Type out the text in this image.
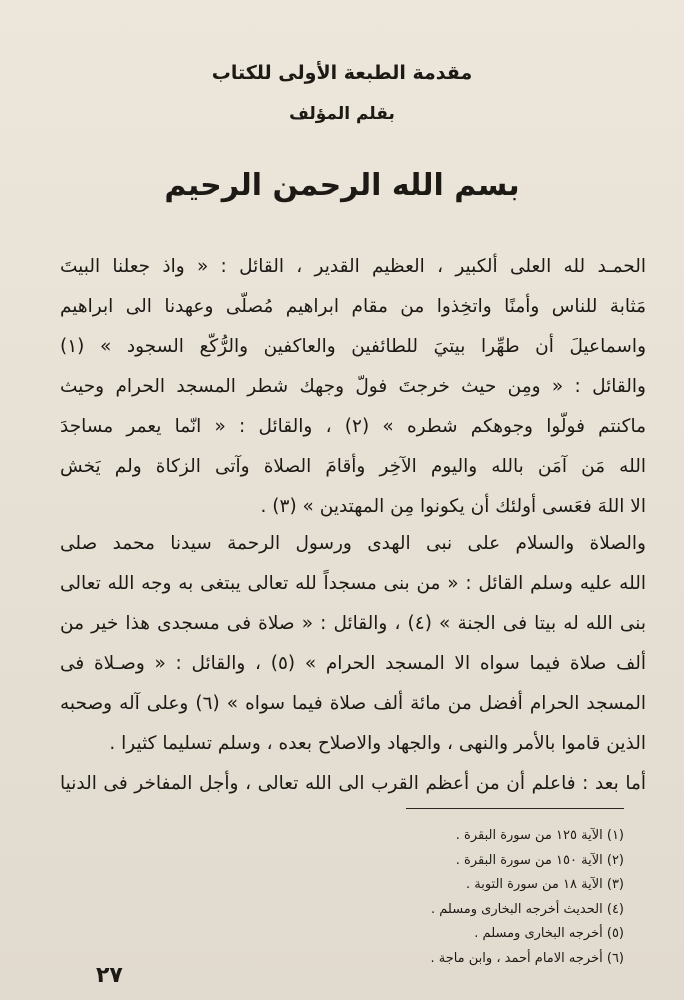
مقدمة الطبعة الأولى للكتاب
بقلم المؤلف
بسم الله الرحمن الرحيم
الحمـد لله العلى ألكبير ، العظيم القدير ، القائل : « واذ جعلنا البيتَ
مَثابة للناس وأمنًا واتخِذوا من مقام ابراهيم مُصلّى وعهدنا الى ابراهيم
واسماعيلَ أن طهِّرا بيتيَ للطائفين والعاكفين والرُّكّع السجود » (١)
والقائل : « ومِن حيث خرجتَ فولّ وجهك شطر المسجد الحرام وحيث
ماكنتم فولّوا وجوهكم شطره » (٢) ، والقائل : « انّما يعمر مساجدَ
الله مَن آمَن بالله واليوم الآخِر وأقامَ الصلاة وآتى الزكاة ولم يَخش
الا اللهَ فعَسى أولئك أن يكونوا مِن المهتدين » (٣) .
والصلاة والسلام على نبى الهدى ورسول الرحمة سيدنا محمد صلى
الله عليه وسلم القائل : « من بنى مسجداً لله تعالى يبتغى به وجه الله تعالى
بنى الله له بيتا فى الجنة » (٤) ، والقائل : « صلاة فى مسجدى هذا خير من
ألف صلاة فيما سواه الا المسجد الحرام » (٥) ، والقائل : « وصـلاة فى
المسجد الحرام أفضل من مائة ألف صلاة فيما سواه » (٦) وعلى آله وصحبه
الذين قاموا بالأمر والنهى ، والجهاد والاصلاح بعده ، وسلم تسليما كثيرا .
أما بعد : فاعلم أن من أعظم القرب الى الله تعالى ، وأجل المفاخر فى الدنيا
(١) الآية ١٢٥ من سورة البقرة .
(٢) الآية ١٥٠ من سورة البقرة .
(٣) الآية ١٨ من سورة التوبة .
(٤) الحديث أخرجه البخارى ومسلم .
(٥) أخرجه البخارى ومسلم .
(٦) أخرجه الامام أحمد ، وابن ماجة .
٢٧
